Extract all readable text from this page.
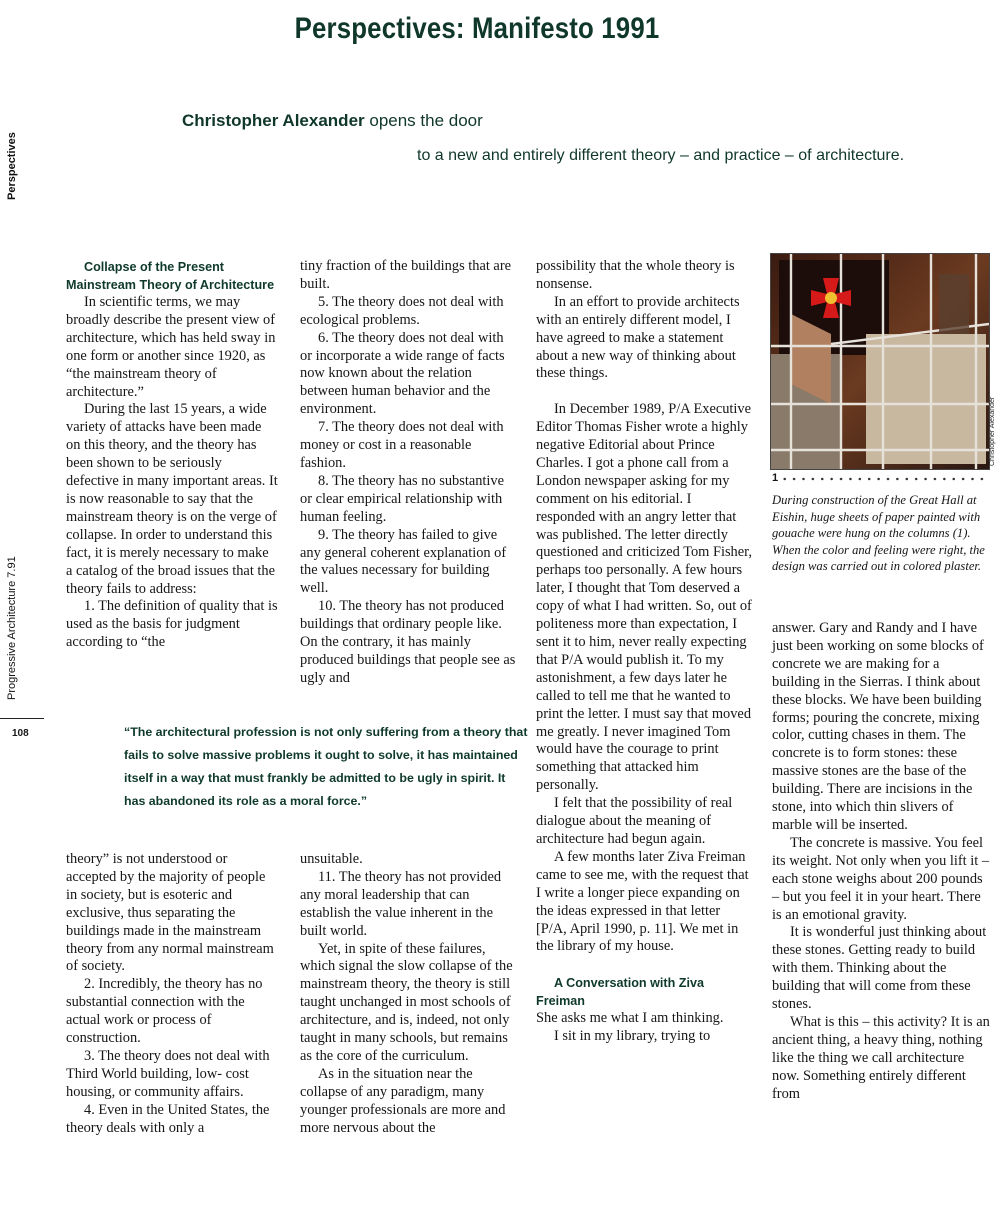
Perspectives: Manifesto 1991
Christopher Alexander opens the door
to a new and entirely different theory – and practice – of architecture.
Perspectives
Progressive Architecture 7.91
108

Collapse of the Present Mainstream Theory of Architecture

In scientific terms, we may broadly describe the present view of architecture, which has held sway in one form or another since 1920, as “the mainstream theory of architecture.”

During the last 15 years, a wide variety of attacks have been made on this theory, and the theory has been shown to be seriously defective in many important areas. It is now reasonable to say that the mainstream theory is on the verge of collapse. In order to understand this fact, it is merely necessary to make a catalog of the broad issues that the theory fails to address:

1. The definition of quality that is used as the basis for judgment according to “the

tiny fraction of the buildings that are built.

5. The theory does not deal with ecological problems.

6. The theory does not deal with or incorporate a wide range of facts now known about the relation between human behavior and the environment.

7. The theory does not deal with money or cost in a reasonable fashion.

8. The theory has no substantive or clear empirical relationship with human feeling.

9. The theory has failed to give any general coherent explanation of the values necessary for building well.

10. The theory has not produced buildings that ordinary people like. On the contrary, it has mainly produced buildings that people see as ugly and

“The architectural profession is not only suffering from a theory that fails to solve massive problems it ought to solve, it has maintained itself in a way that must frankly be admitted to be ugly in spirit. It has abandoned its role as a moral force.”

theory” is not understood or accepted by the majority of people in society, but is esoteric and exclusive, thus separating the buildings made in the mainstream theory from any normal mainstream of society.

2. Incredibly, the theory has no substantial connection with the actual work or process of construction.

3. The theory does not deal with Third World building, low- cost housing, or community affairs.

4. Even in the United States, the theory deals with only a

unsuitable.

11. The theory has not provided any moral leadership that can establish the value inherent in the built world.

Yet, in spite of these failures, which signal the slow collapse of the mainstream theory, the theory is still taught unchanged in most schools of architecture, and is, indeed, not only taught in many schools, but remains as the core of the curriculum.

As in the situation near the collapse of any paradigm, many younger professionals are more and more nervous about the

possibility that the whole theory is nonsense.

In an effort to provide architects with an entirely different model, I have agreed to make a statement about a new way of thinking about these things.

In December 1989, P/A Executive Editor Thomas Fisher wrote a highly negative Editorial about Prince Charles. I got a phone call from a London newspaper asking for my comment on his editorial. I responded with an angry letter that was published. The letter directly questioned and criticized Tom Fisher, perhaps too personally. A few hours later, I thought that Tom deserved a copy of what I had written. So, out of politeness more than expectation, I sent it to him, never really expecting that P/A would publish it. To my astonishment, a few days later he called to tell me that he wanted to print the letter. I must say that moved me greatly. I never imagined Tom would have the courage to print something that attacked him personally.

I felt that the possibility of real dialogue about the meaning of architecture had begun again.

A few months later Ziva Freiman came to see me, with the request that I write a longer piece expanding on the ideas expressed in that letter [P/A, April 1990, p. 11]. We met in the library of my house.

A Conversation with Ziva Freiman

She asks me what I am thinking.

I sit in my library, trying to

Christopher Alexander
1
During construction of the Great Hall at Eishin, huge sheets of paper painted with gouache were hung on the columns (1). When the color and feeling were right, the design was carried out in colored plaster.

answer. Gary and Randy and I have just been working on some blocks of concrete we are making for a building in the Sierras. I think about these blocks. We have been building forms; pouring the concrete, mixing color, cutting chases in them. The concrete is to form stones: these massive stones are the base of the building. There are incisions in the stone, into which thin slivers of marble will be inserted.

The concrete is massive. You feel its weight. Not only when you lift it – each stone weighs about 200 pounds – but you feel it in your heart. There is an emotional gravity.

It is wonderful just thinking about these stones. Getting ready to build with them. Thinking about the building that will come from these stones.

What is this – this activity? It is an ancient thing, a heavy thing, nothing like the thing we call architecture now. Something entirely different from
